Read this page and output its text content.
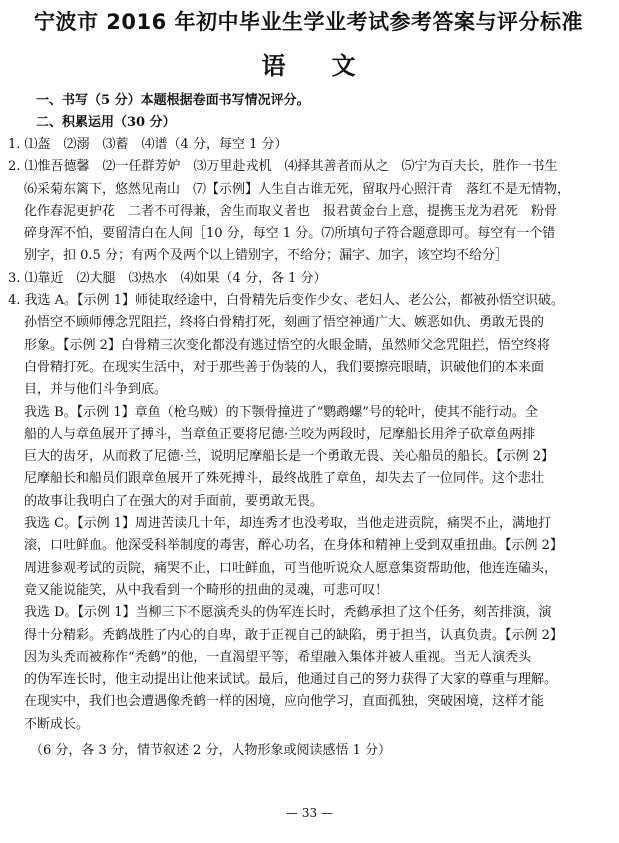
宁波市 2016 年初中毕业生学业考试参考答案与评分标准
语文

一、书写（5 分）本题根据卷面书写情况评分。

二、积累运用（30 分）

1. ⑴盔　⑵溺　⑶蓄　⑷谱（4 分，每空 1 分）

2. ⑴惟吾德馨　⑵一任群芳妒　⑶万里赴戎机　⑷择其善者而从之　⑸宁为百夫长，胜作一书生

⑹采菊东篱下，悠然见南山　⑺【示例】人生自古谁无死，留取丹心照汗青　落红不是无情物，

化作春泥更护花　二者不可得兼，舍生而取义者也　报君黄金台上意，提携玉龙为君死　粉骨

碎身浑不怕，要留清白在人间［10 分，每空 1 分。⑺所填句子符合题意即可。每空有一个错

别字，扣 0.5 分；有两个及两个以上错别字，不给分；漏字、加字，该空均不给分］

3. ⑴靠近　⑵大腿　⑶热水　⑷如果（4 分，各 1 分）

4. 我选 A。【示例 1】师徒取经途中，白骨精先后变作少女、老妇人、老公公，都被孙悟空识破。

孙悟空不顾师傅念咒阻拦，终将白骨精打死，刻画了悟空神通广大、嫉恶如仇、勇敢无畏的

形象。【示例 2】白骨精三次变化都没有逃过悟空的火眼金睛，虽然师父念咒阻拦，悟空终将

白骨精打死。在现实生活中，对于那些善于伪装的人，我们要擦亮眼睛，识破他们的本来面

目，并与他们斗争到底。

我选 B。【示例 1】章鱼（枪乌贼）的下颚骨撞进了“鹦鹉螺”号的轮叶，使其不能行动。全

船的人与章鱼展开了搏斗，当章鱼正要将尼德·兰咬为两段时，尼摩船长用斧子砍章鱼两排

巨大的齿牙，从而救了尼德·兰，说明尼摩船长是一个勇敢无畏、关心船员的船长。【示例 2】

尼摩船长和船员们跟章鱼展开了殊死搏斗，最终战胜了章鱼，却失去了一位同伴。这个悲壮

的故事让我明白了在强大的对手面前，要勇敢无畏。

我选 C。【示例 1】周进苦读几十年，却连秀才也没考取，当他走进贡院，痛哭不止，满地打

滚，口吐鲜血。他深受科举制度的毒害，醉心功名，在身体和精神上受到双重扭曲。【示例 2】

周进参观考试的贡院，痛哭不止，口吐鲜血，可当他听说众人愿意集资帮助他，他连连磕头，

竟又能说能笑，从中我看到一个畸形的扭曲的灵魂，可悲可叹！

我选 D。【示例 1】当柳三下不愿演秃头的伪军连长时，秃鹤承担了这个任务，刻苦排演，演

得十分精彩。秃鹤战胜了内心的自卑，敢于正视自己的缺陷，勇于担当，认真负责。【示例 2】

因为头秃而被称作“秃鹤”的他，一直渴望平等，希望融入集体并被人重视。当无人演秃头

的伪军连长时，他主动提出让他来试试。最后，他通过自己的努力获得了大家的尊重与理解。

在现实中，我们也会遭遇像秃鹤一样的困境，应向他学习，直面孤独，突破困境，这样才能

不断成长。

（6 分，各 3 分，情节叙述 2 分，人物形象或阅读感悟 1 分）
— 33 —
